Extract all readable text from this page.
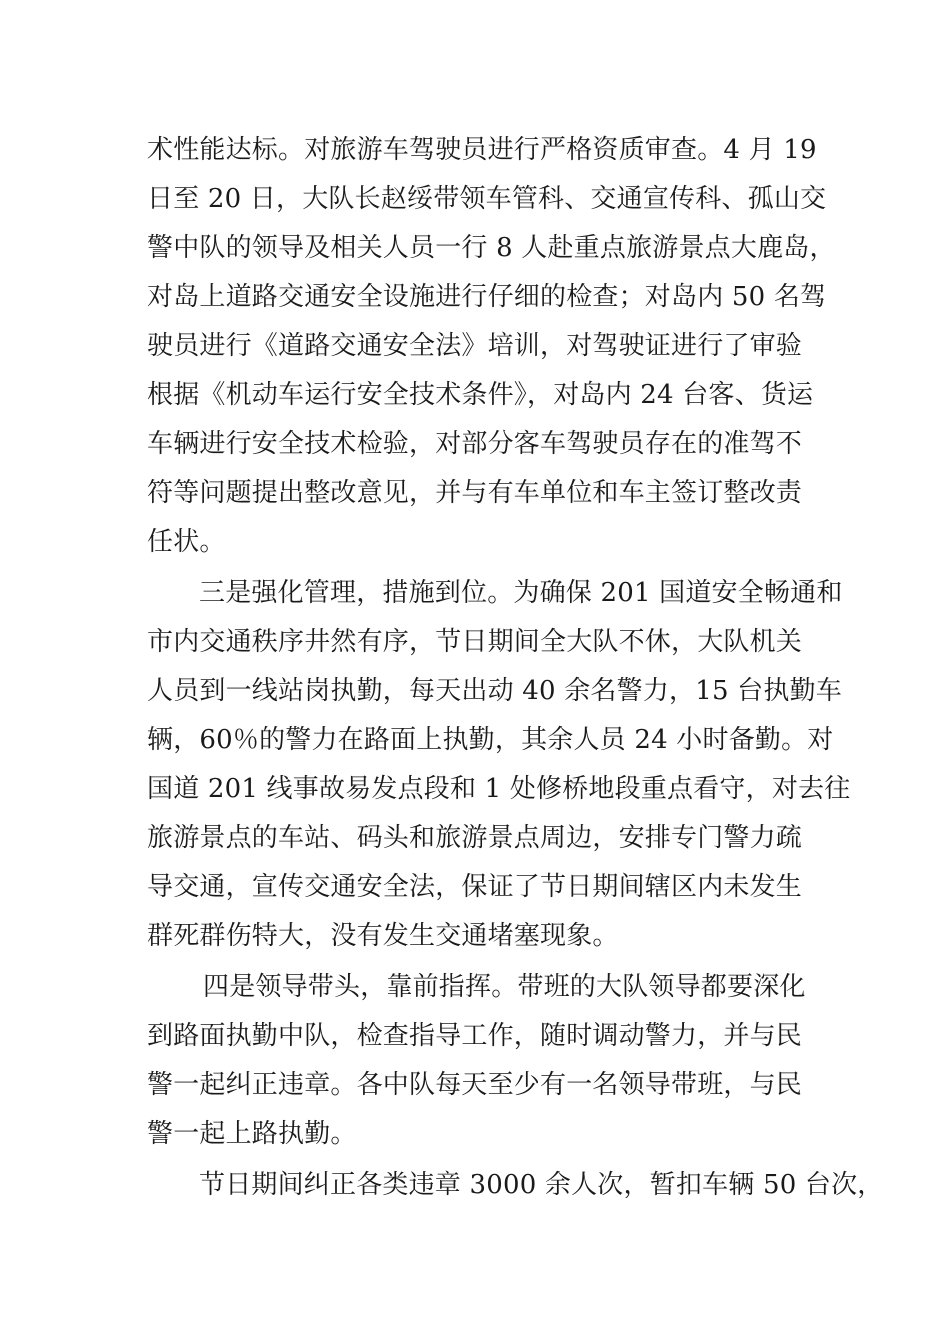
术性能达标。对旅游车驾驶员进行严格资质审查。4 月 19
日至 20 日，大队长赵绥带领车管科、交通宣传科、孤山交
警中队的领导及相关人员一行 8 人赴重点旅游景点大鹿岛，
对岛上道路交通安全设施进行仔细的检查；对岛内 50 名驾
驶员进行《道路交通安全法》培训，对驾驶证进行了审验
根据《机动车运行安全技术条件》，对岛内 24 台客、货运
车辆进行安全技术检验，对部分客车驾驶员存在的准驾不
符等问题提出整改意见，并与有车单位和车主签订整改责
任状。
三是强化管理，措施到位。为确保 201 国道安全畅通和
市内交通秩序井然有序，节日期间全大队不休，大队机关
人员到一线站岗执勤，每天出动 40 余名警力，15 台执勤车
辆，60％的警力在路面上执勤，其余人员 24 小时备勤。对
国道 201 线事故易发点段和 1 处修桥地段重点看守，对去往
旅游景点的车站、码头和旅游景点周边，安排专门警力疏
导交通，宣传交通安全法，保证了节日期间辖区内未发生
群死群伤特大，没有发生交通堵塞现象。
四是领导带头，靠前指挥。带班的大队领导都要深化
到路面执勤中队，检查指导工作，随时调动警力，并与民
警一起纠正违章。各中队每天至少有一名领导带班，与民
警一起上路执勤。
节日期间纠正各类违章 3000 余人次，暂扣车辆 50 台次，
